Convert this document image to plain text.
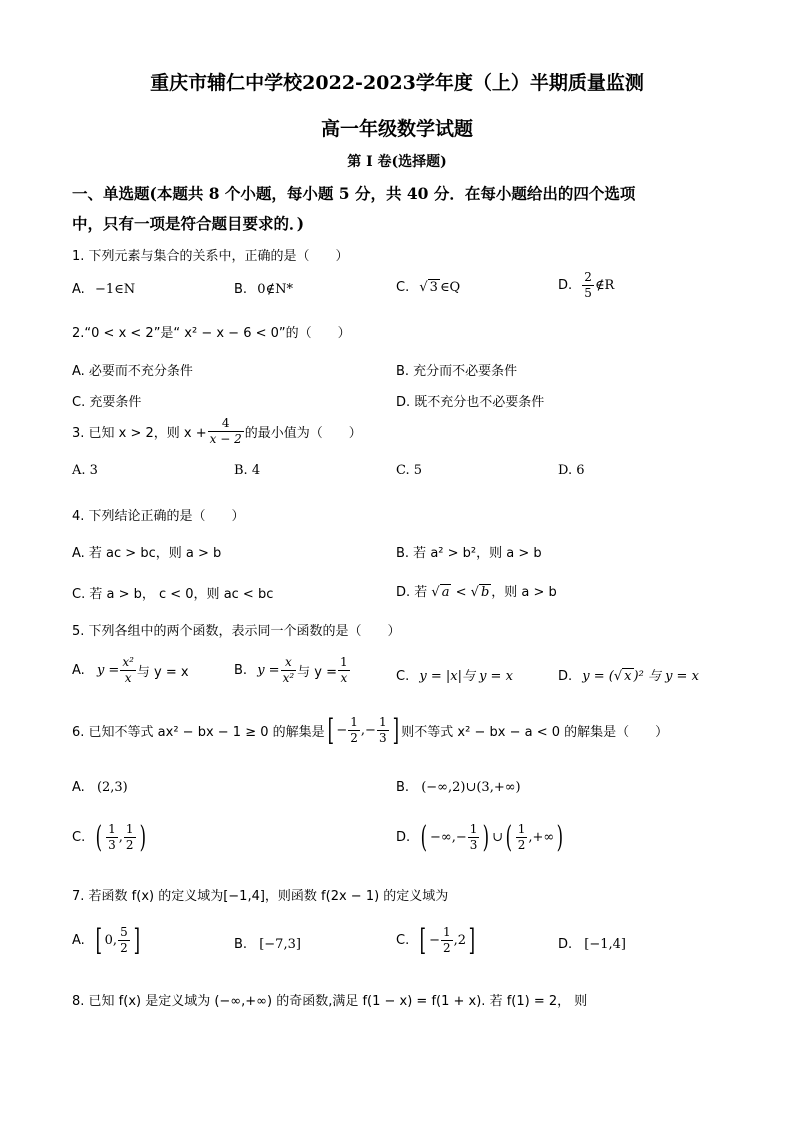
重庆市辅仁中学校2022-2023学年度（上）半期质量监测
高一年级数学试题
第 I 卷(选择题)
一、单选题(本题共 8 个小题，每小题 5 分，共 40 分．在每小题给出的四个选项
中，只有一项是符合题目要求的．)
1. 下列元素与集合的关系中，正确的是（　　）
A. −1∈N	B. 0∉N*	C. √ 3 ∈Q	D. $\frac{2}{5}$ ∉R
2.“0 < x < 2”是“ x² − x − 6 < 0”的（　　）
A. 必要而不充分条件	B. 充分而不必要条件
C. 充要条件	D. 既不充分也不必要条件
3. 已知 x > 2，则 $x + \frac{4}{x - 2}$ 的最小值为（　　）
A. 3	B. 4	C. 5	D. 6
4. 下列结论正确的是（　　）
A. 若 ac > bc，则 a > b	B. 若 a² > b²，则 a > b
C. 若 a > b， c < 0，则 ac < bc	D. 若 √ a < √ b ，则 a > b
5. 下列各组中的两个函数，表示同一个函数的是（　　）
A. $y = \frac{\text{x²}}{x}$ 与 y = x	B. $y = \frac{x}{\text{x²}}$ 与 $y = \frac{1}{x}$	C. y = |x|与 y = x	D. y = (√ x )² 与 y = x
6. 已知不等式 ax² − bx − 1 ≥ 0 的解集是[ − $\frac{1}{2}$ ,− $\frac{1}{3}$ ] 则不等式 x² − bx − a < 0 的解集是（　　）
A. (2,3)	B. (−∞,2)∪(3,+∞)
C. ( $\frac{1}{3}$ , $\frac{1}{2}$ )	D. ( −∞,− $\frac{1}{3}$ ) ∪( $\frac{1}{2}$ ,+∞)
7. 若函数 f(x) 的定义域为[−1,4]，则函数 f(2x − 1) 的定义域为
A. [ 0, $\frac{5}{2}$ ]	B. [−7,3]	C. [ − $\frac{1}{2} ,2$]	D. [−1,4]
8. 已知 f(x) 是定义域为 (−∞,+∞) 的奇函数,满足 f(1 − x) = f(1 + x). 若 f(1) = 2， 则
